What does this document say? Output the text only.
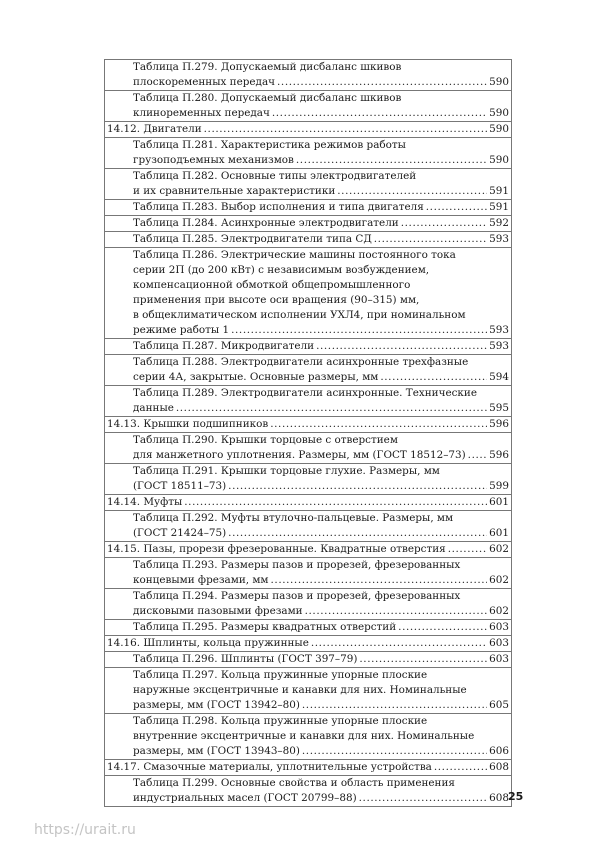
Таблица П.279. Допускаемый дисбаланс шкивов
плоскоременных передач .....	590
Таблица П.280. Допускаемый дисбаланс шкивов
клиноременных передач .....	590
14.12. Двигатели .....	590
Таблица П.281. Характеристика режимов работы
грузоподъемных механизмов .....	590
Таблица П.282. Основные типы электродвигателей
и их сравнительные характеристики .....	591
Таблица П.283. Выбор исполнения и типа двигателя .....	591
Таблица П.284. Асинхронные электродвигатели .....	592
Таблица П.285. Электродвигатели типа СД .....	593
Таблица П.286. Электрические машины постоянного тока
серии 2П (до 200 кВт) с независимым возбуждением,
компенсационной обмоткой общепромышленного
применения при высоте оси вращения (90–315) мм,
в общеклиматическом исполнении УХЛ4, при номинальном
режиме работы 1 .....	593
Таблица П.287. Микродвигатели .....	593
Таблица П.288. Электродвигатели асинхронные трехфазные
серии 4А, закрытые. Основные размеры, мм .....	594
Таблица П.289. Электродвигатели асинхронные. Технические
данные .....	595
14.13. Крышки подшипников .....	596
Таблица П.290. Крышки торцовые с отверстием
для манжетного уплотнения. Размеры, мм (ГОСТ 18512–73) ..... 596
Таблица П.291. Крышки торцовые глухие. Размеры, мм
(ГОСТ 18511–73) .....	599
14.14. Муфты .....	601
Таблица П.292. Муфты втулочно-пальцевые. Размеры, мм
(ГОСТ 21424–75) .....	601
14.15. Пазы, прорези фрезерованные. Квадратные отверстия .....	602
Таблица П.293. Размеры пазов и прорезей, фрезерованных
концевыми фрезами, мм .....	602
Таблица П.294. Размеры пазов и прорезей, фрезерованных
дисковыми пазовыми фрезами .....	602
Таблица П.295. Размеры квадратных отверстий .....	603
14.16. Шплинты, кольца пружинные .....	603
Таблица П.296. Шплинты (ГОСТ 397–79) .....	603
Таблица П.297. Кольца пружинные упорные плоские
наружные эксцентричные и канавки для них. Номинальные
размеры, мм (ГОСТ 13942–80) .....	605
Таблица П.298. Кольца пружинные упорные плоские
внутренние эксцентричные и канавки для них. Номинальные
размеры, мм (ГОСТ 13943–80) .....	606
14.17. Смазочные материалы, уплотнительные устройства .....	608
Таблица П.299. Основные свойства и область применения
индустриальных масел (ГОСТ 20799–88) .....	608 25
https://urait.ru
